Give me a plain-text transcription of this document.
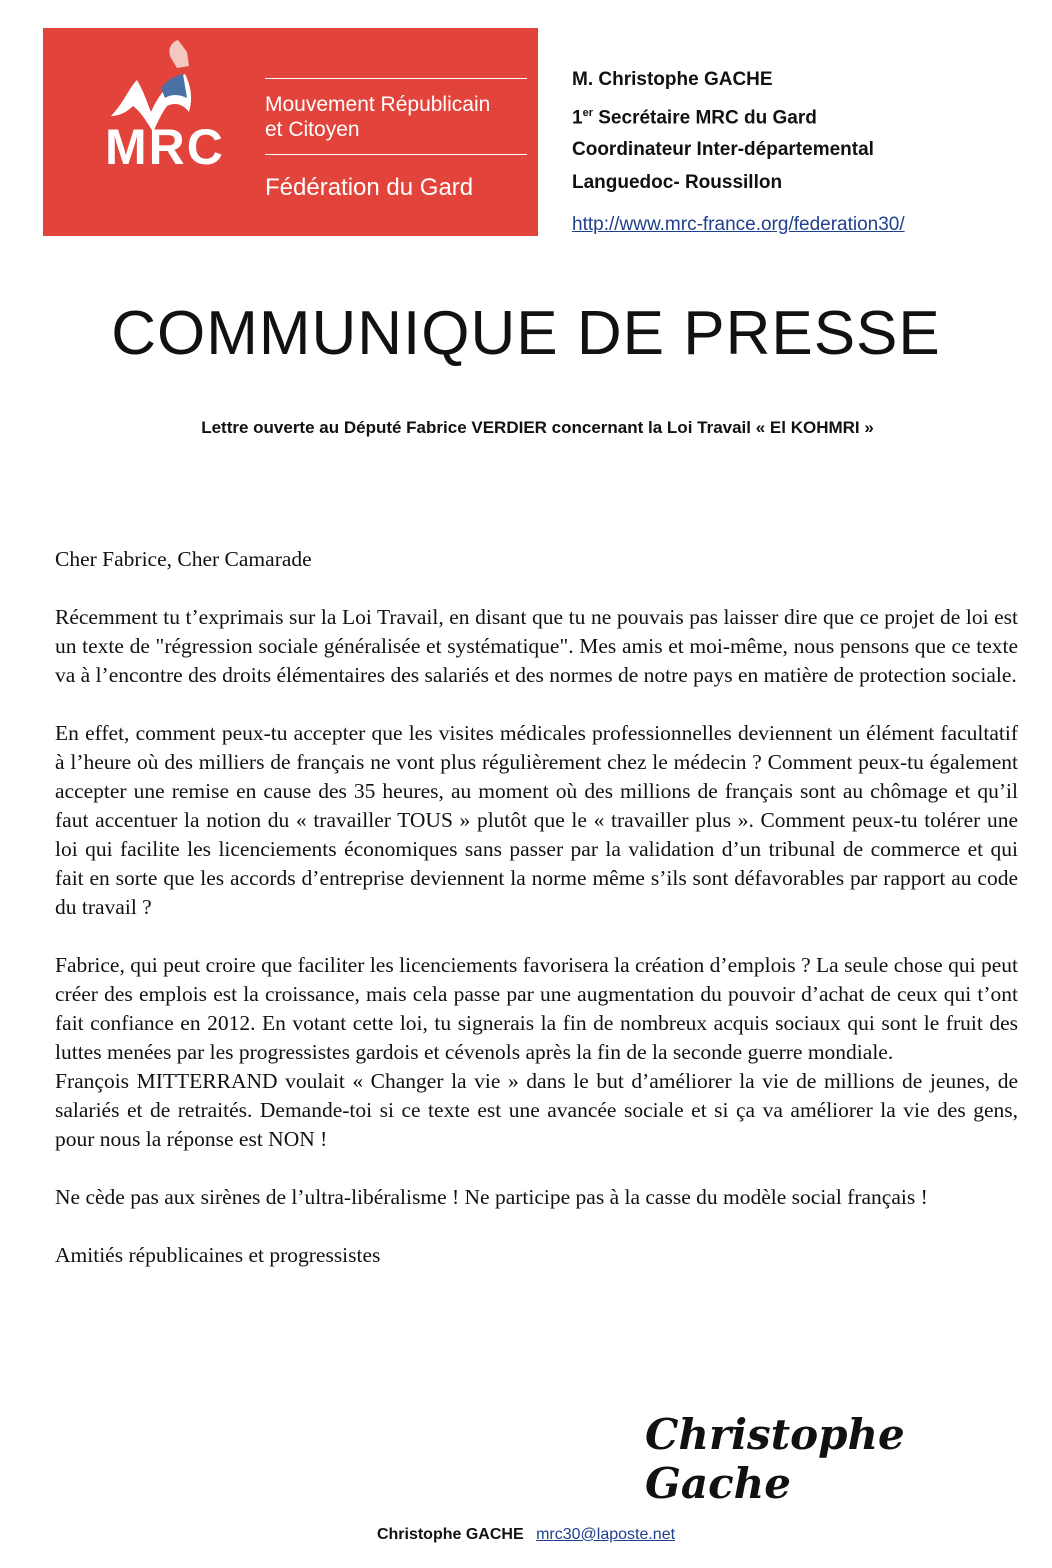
MRC
Mouvement Républicain
et Citoyen
Fédération du Gard
M. Christophe GACHE
1er Secrétaire MRC du Gard
Coordinateur Inter-départemental
Languedoc- Roussillon
http://www.mrc-france.org/federation30/
COMMUNIQUE DE PRESSE
Lettre ouverte au Député Fabrice VERDIER concernant la Loi Travail « El KOHMRI »

Cher Fabrice, Cher Camarade

Récemment tu t’exprimais sur la Loi Travail, en disant que tu ne pouvais pas laisser dire que ce projet de loi est un texte de "régression sociale généralisée et systématique". Mes amis et moi-même, nous pensons que ce texte va à l’encontre des droits élémentaires des salariés et des normes de notre pays en matière de protection sociale.

En effet, comment peux-tu accepter que les visites médicales professionnelles deviennent un élément facultatif à l’heure où des milliers de français ne vont plus régulièrement chez le médecin ? Comment peux-tu également accepter une remise en cause des 35 heures, au moment où des millions de français sont au chômage et qu’il faut accentuer la notion du « travailler TOUS » plutôt que le « travailler plus ». Comment peux-tu tolérer une loi qui facilite les licenciements économiques sans passer par la validation d’un tribunal de commerce et qui fait en sorte que les accords d’entreprise deviennent la norme même s’ils sont défavorables par rapport au code du travail ?

Fabrice, qui peut croire que faciliter les licenciements favorisera la création d’emplois ? La seule chose qui peut créer des emplois est la croissance, mais cela passe par une augmentation du pouvoir d’achat de ceux qui t’ont fait confiance en 2012. En votant cette loi, tu signerais la fin de nombreux acquis sociaux qui sont le fruit des luttes menées par les progressistes gardois et cévenols après la fin de la seconde guerre mondiale.

François MITTERRAND voulait « Changer la vie » dans le but d’améliorer la vie de millions de jeunes, de salariés et de retraités. Demande-toi si ce texte est une avancée sociale et si ça va améliorer la vie des gens, pour nous la réponse est NON !

Ne cède pas aux sirènes de l’ultra-libéralisme ! Ne participe pas à la casse du modèle social français !

Amitiés républicaines et progressistes

Christophe Gache
Christophe GACHE mrc30@laposte.net
